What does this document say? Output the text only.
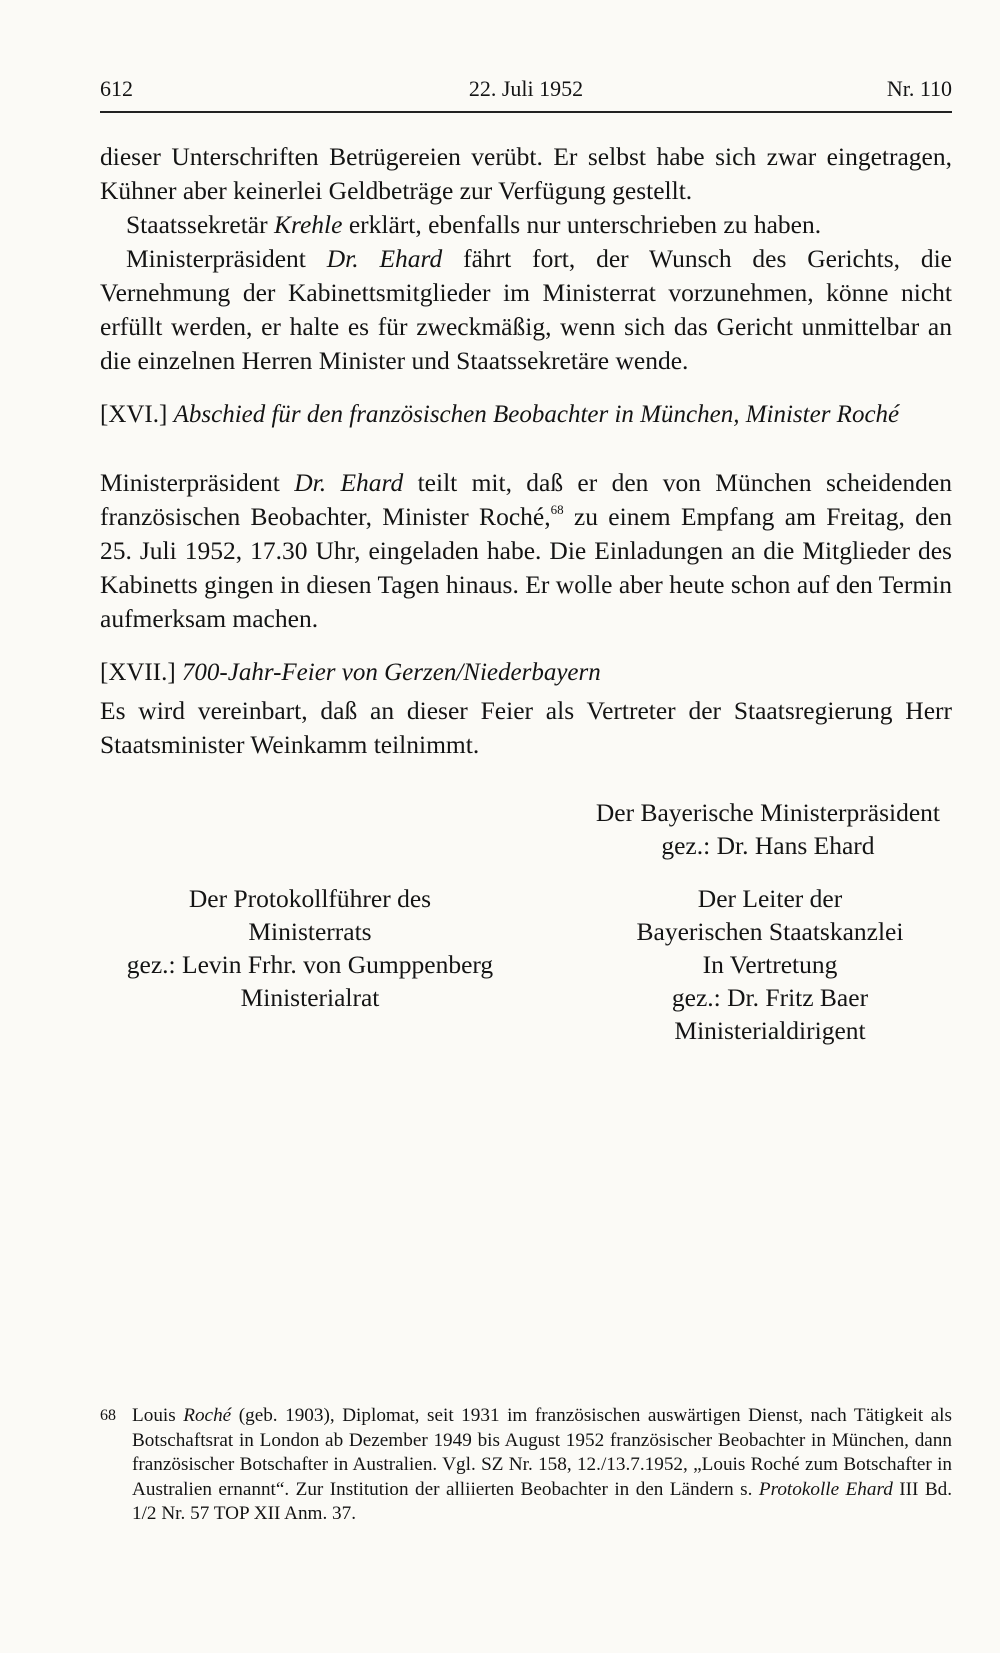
612	22. Juli 1952	Nr. 110

dieser Unterschriften Betrügereien verübt. Er selbst habe sich zwar eingetragen, Kühner aber keinerlei Geldbeträge zur Verfügung gestellt.

Staatssekretär Krehle erklärt, ebenfalls nur unterschrieben zu haben.

Ministerpräsident Dr. Ehard fährt fort, der Wunsch des Gerichts, die Vernehmung der Kabinettsmitglieder im Ministerrat vorzunehmen, könne nicht erfüllt werden, er halte es für zweckmäßig, wenn sich das Gericht unmittelbar an die einzelnen Herren Minister und Staatssekretäre wende.

[XVI.] Abschied für den französischen Beobachter in München, Minister Roché

Ministerpräsident Dr. Ehard teilt mit, daß er den von München scheidenden französischen Beobachter, Minister Roché,$^{68}$ zu einem Empfang am Freitag, den 25. Juli 1952, 17.30 Uhr, eingeladen habe. Die Einladungen an die Mitglieder des Kabinetts gingen in diesen Tagen hinaus. Er wolle aber heute schon auf den Termin aufmerksam machen.

[XVII.] 700-Jahr-Feier von Gerzen/Niederbayern

Es wird vereinbart, daß an dieser Feier als Vertreter der Staatsregierung Herr Staatsminister Weinkamm teilnimmt.

Der Bayerische Ministerpräsident
gez.: Dr. Hans Ehard
Der Protokollführer des
Ministerrats
gez.: Levin Frhr. von Gumppenberg
Ministerialrat
Der Leiter der
Bayerischen Staatskanzlei
In Vertretung
gez.: Dr. Fritz Baer
Ministerialdirigent
68 Louis Roché (geb. 1903), Diplomat, seit 1931 im französischen auswärtigen Dienst, nach Tätigkeit als Botschaftsrat in London ab Dezember 1949 bis August 1952 französischer Beobachter in München, dann französischer Botschafter in Australien. Vgl. SZ Nr. 158, 12./13.7.1952, „Louis Roché zum Botschafter in Australien ernannt“. Zur Institution der alliierten Beobachter in den Ländern s. Protokolle Ehard III Bd. 1/2 Nr. 57 TOP XII Anm. 37.
